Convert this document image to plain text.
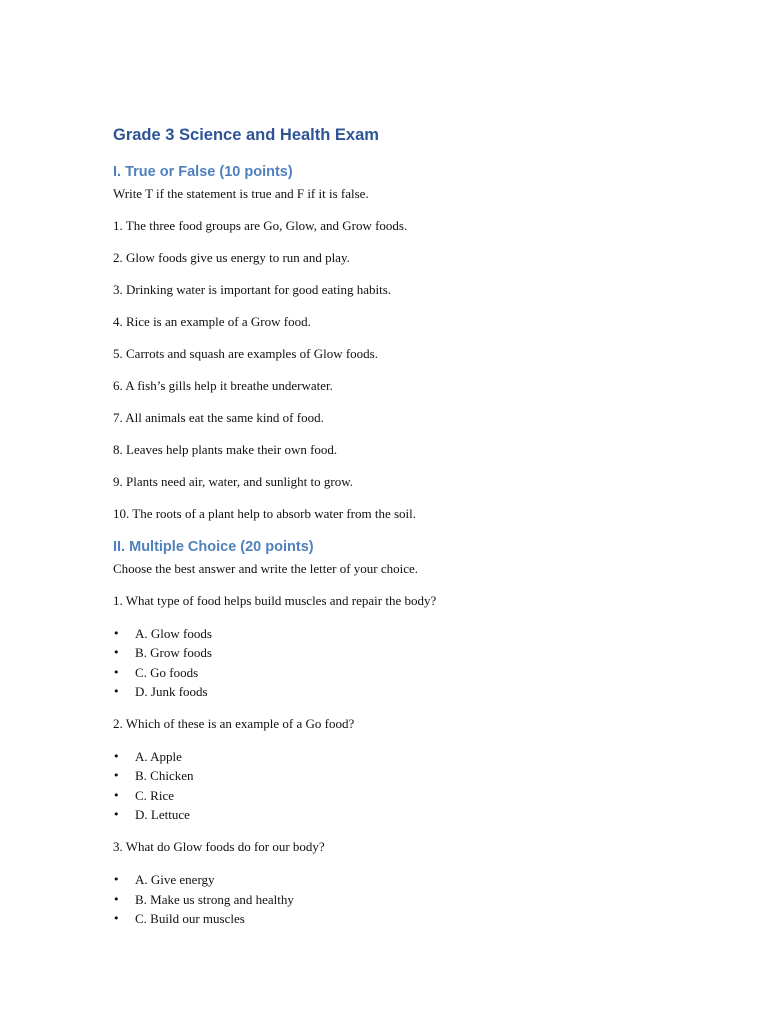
Grade 3 Science and Health Exam
I. True or False (10 points)
Write T if the statement is true and F if it is false.
1. The three food groups are Go, Glow, and Grow foods.
2. Glow foods give us energy to run and play.
3. Drinking water is important for good eating habits.
4. Rice is an example of a Grow food.
5. Carrots and squash are examples of Glow foods.
6. A fish’s gills help it breathe underwater.
7. All animals eat the same kind of food.
8. Leaves help plants make their own food.
9. Plants need air, water, and sunlight to grow.
10. The roots of a plant help to absorb water from the soil.
II. Multiple Choice (20 points)
Choose the best answer and write the letter of your choice.
1. What type of food helps build muscles and repair the body?
• A. Glow foods
• B. Grow foods
• C. Go foods
• D. Junk foods
2. Which of these is an example of a Go food?
• A. Apple
• B. Chicken
• C. Rice
• D. Lettuce
3. What do Glow foods do for our body?
• A. Give energy
• B. Make us strong and healthy
• C. Build our muscles
